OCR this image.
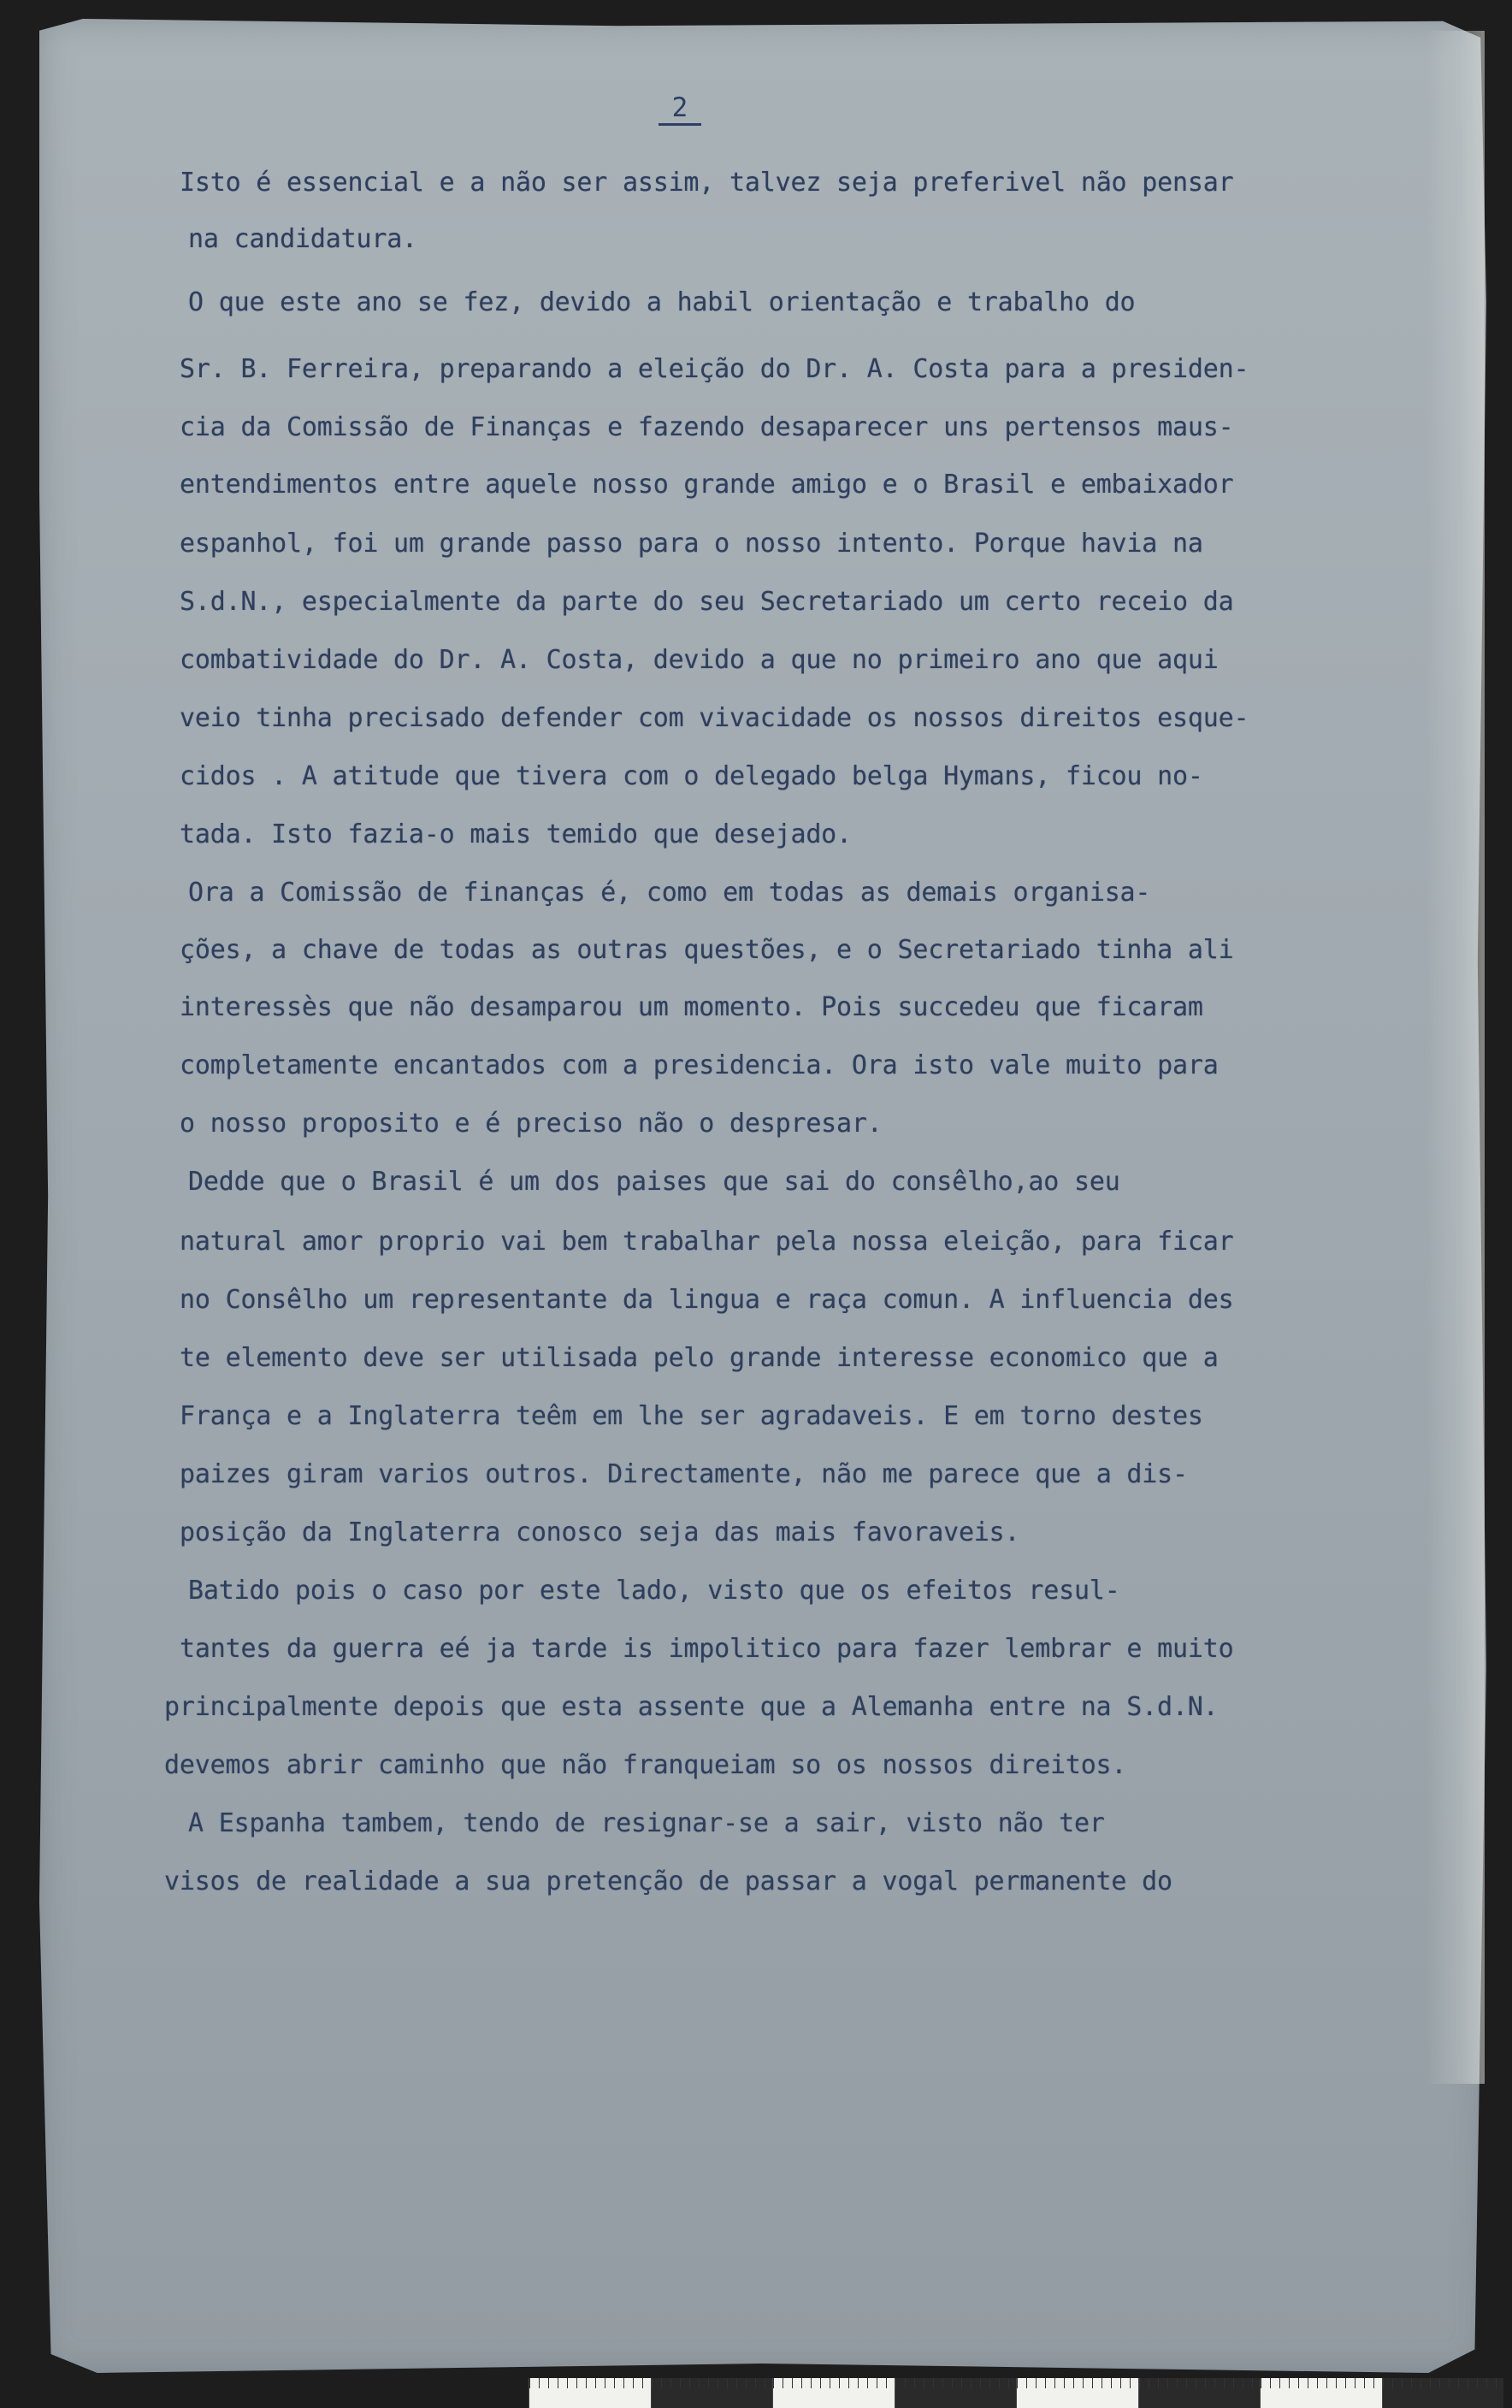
2
Isto é essencial e a não ser assim, talvez seja preferivel não pensar
na candidatura.
O que este ano se fez, devido a habil orientação e trabalho do
Sr. B. Ferreira, preparando a eleição do Dr. A. Costa para a presiden-
cia da Comissão de Finanças e fazendo desaparecer uns pertensos maus-
entendimentos entre aquele nosso grande amigo e o Brasil e embaixador
espanhol, foi um grande passo para o nosso intento. Porque havia na
S.d.N., especialmente da parte do seu Secretariado um certo receio da
combatividade do Dr. A. Costa, devido a que no primeiro ano que aqui
veio tinha precisado defender com vivacidade os nossos direitos esque-
cidos . A atitude que tivera com o delegado belga Hymans, ficou no-
tada. Isto fazia-o mais temido que desejado.
Ora a Comissão de finanças é, como em todas as demais organisa-
ções, a chave de todas as outras questões, e o Secretariado tinha ali
interessès que não desamparou um momento. Pois succedeu que ficaram
completamente encantados com a presidencia. Ora isto vale muito para
o nosso proposito e é preciso não o despresar.
Dedde que o Brasil é um dos paises que sai do consêlho,ao seu
natural amor proprio vai bem trabalhar pela nossa eleição, para ficar
no Consêlho um representante da lingua e raça comun. A influencia des
te elemento deve ser utilisada pelo grande interesse economico que a
França e a Inglaterra teêm em lhe ser agradaveis. E em torno destes
paizes giram varios outros. Directamente, não me parece que a dis-
posição da Inglaterra conosco seja das mais favoraveis.
Batido pois o caso por este lado, visto que os efeitos resul-
tantes da guerra eé ja tarde is impolitico para fazer lembrar e muito
principalmente depois que esta assente que a Alemanha entre na S.d.N.
devemos abrir caminho que não franqueiam so os nossos direitos.
A Espanha tambem, tendo de resignar-se a sair, visto não ter
visos de realidade a sua pretenção de passar a vogal permanente do
